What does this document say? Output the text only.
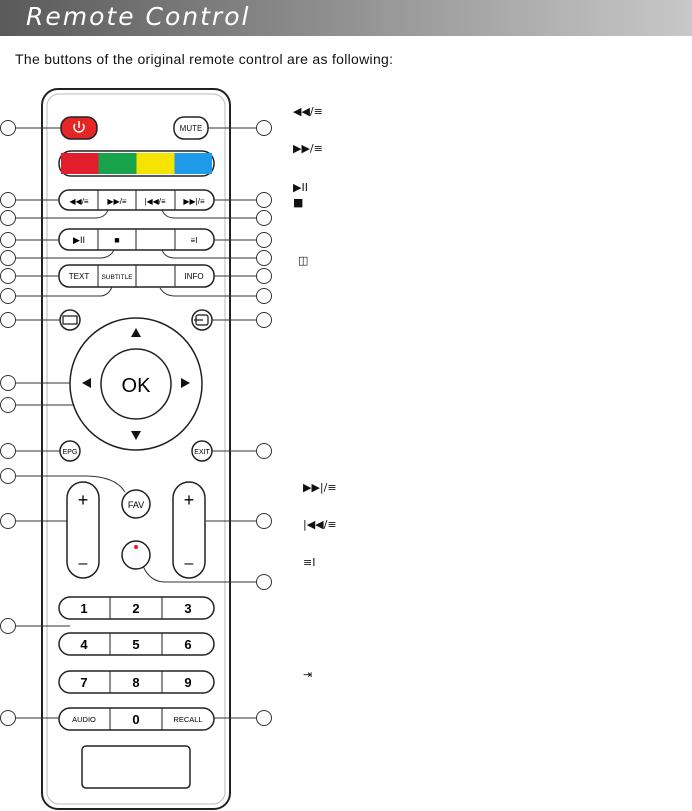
Remote Control
The buttons of the original remote control are as following:
MUTE
◀◀/≡ ▶▶/≡ |◀◀/≡ ▶▶|/≡
▶II	■	≡I
TEXT SUBTITLE	INFO
OK
EPG	EXIT
+
–
+
–
FAV
1	2	3
4	5	6
7	8	9
AUDIO	0	RECALL
◀◀/≡
▶▶/≡
▶II
■
◫
▶▶|/≡
|◀◀/≡
≡I
⇥
